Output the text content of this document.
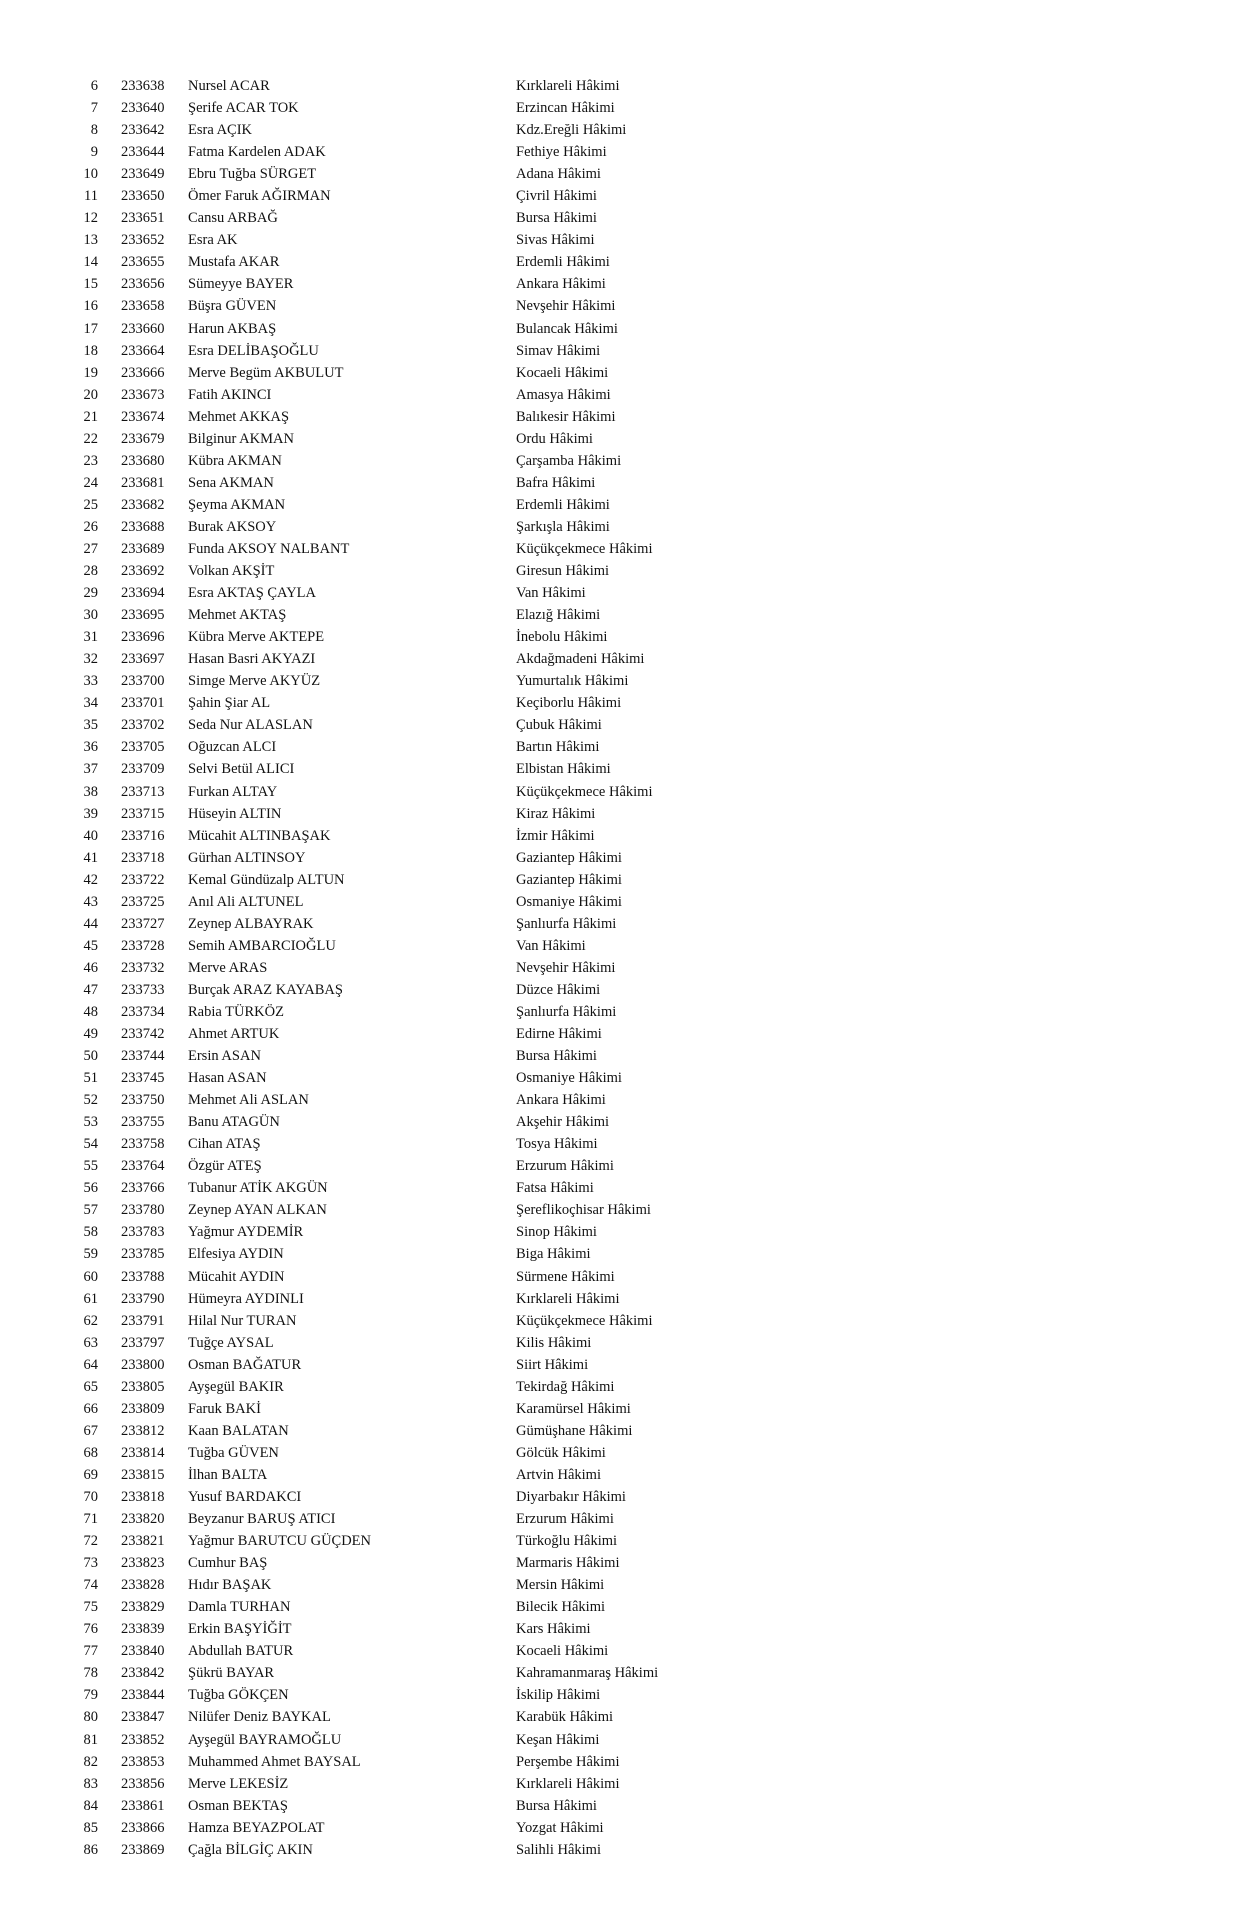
6 233638 Nursel ACAR	Kırklareli Hâkimi
7 233640 Şerife ACAR TOK	Erzincan Hâkimi
8 233642 Esra AÇIK	Kdz.Ereğli Hâkimi
9 233644 Fatma Kardelen ADAK	Fethiye Hâkimi
10 233649 Ebru Tuğba SÜRGET	Adana Hâkimi
11 233650 Ömer Faruk AĞIRMAN	Çivril Hâkimi
12 233651 Cansu ARBAĞ	Bursa Hâkimi
13 233652 Esra AK	Sivas Hâkimi
14 233655 Mustafa AKAR	Erdemli Hâkimi
15 233656 Sümeyye BAYER	Ankara Hâkimi
16 233658 Büşra GÜVEN	Nevşehir Hâkimi
17 233660 Harun AKBAŞ	Bulancak Hâkimi
18 233664 Esra DELİBAŞOĞLU	Simav Hâkimi
19 233666 Merve Begüm AKBULUT	Kocaeli Hâkimi
20 233673 Fatih AKINCI	Amasya Hâkimi
21 233674 Mehmet AKKAŞ	Balıkesir Hâkimi
22 233679 Bilginur AKMAN	Ordu Hâkimi
23 233680 Kübra AKMAN	Çarşamba Hâkimi
24 233681 Sena AKMAN	Bafra Hâkimi
25 233682 Şeyma AKMAN	Erdemli Hâkimi
26 233688 Burak AKSOY	Şarkışla Hâkimi
27 233689 Funda AKSOY NALBANT	Küçükçekmece Hâkimi
28 233692 Volkan AKŞİT	Giresun Hâkimi
29 233694 Esra AKTAŞ ÇAYLA	Van Hâkimi
30 233695 Mehmet AKTAŞ	Elazığ Hâkimi
31 233696 Kübra Merve AKTEPE	İnebolu Hâkimi
32 233697 Hasan Basri AKYAZI	Akdağmadeni Hâkimi
33 233700 Simge Merve AKYÜZ	Yumurtalık Hâkimi
34 233701 Şahin Şiar AL	Keçiborlu Hâkimi
35 233702 Seda Nur ALASLAN	Çubuk Hâkimi
36 233705 Oğuzcan ALCI	Bartın Hâkimi
37 233709 Selvi Betül ALICI	Elbistan Hâkimi
38 233713 Furkan ALTAY	Küçükçekmece Hâkimi
39 233715 Hüseyin ALTIN	Kiraz Hâkimi
40 233716 Mücahit ALTINBAŞAK	İzmir Hâkimi
41 233718 Gürhan ALTINSOY	Gaziantep Hâkimi
42 233722 Kemal Gündüzalp ALTUN	Gaziantep Hâkimi
43 233725 Anıl Ali ALTUNEL	Osmaniye Hâkimi
44 233727 Zeynep ALBAYRAK	Şanlıurfa Hâkimi
45 233728 Semih AMBARCIOĞLU	Van Hâkimi
46 233732 Merve ARAS	Nevşehir Hâkimi
47 233733 Burçak ARAZ KAYABAŞ	Düzce Hâkimi
48 233734 Rabia TÜRKÖZ	Şanlıurfa Hâkimi
49 233742 Ahmet ARTUK	Edirne Hâkimi
50 233744 Ersin ASAN	Bursa Hâkimi
51 233745 Hasan ASAN	Osmaniye Hâkimi
52 233750 Mehmet Ali ASLAN	Ankara Hâkimi
53 233755 Banu ATAGÜN	Akşehir Hâkimi
54 233758 Cihan ATAŞ	Tosya Hâkimi
55 233764 Özgür ATEŞ	Erzurum Hâkimi
56 233766 Tubanur ATİK AKGÜN	Fatsa Hâkimi
57 233780 Zeynep AYAN ALKAN	Şereflikoçhisar Hâkimi
58 233783 Yağmur AYDEMİR	Sinop Hâkimi
59 233785 Elfesiya AYDIN	Biga Hâkimi
60 233788 Mücahit AYDIN	Sürmene Hâkimi
61 233790 Hümeyra AYDINLI	Kırklareli Hâkimi
62 233791 Hilal Nur TURAN	Küçükçekmece Hâkimi
63 233797 Tuğçe AYSAL	Kilis Hâkimi
64 233800 Osman BAĞATUR	Siirt Hâkimi
65 233805 Ayşegül BAKIR	Tekirdağ Hâkimi
66 233809 Faruk BAKİ	Karamürsel Hâkimi
67 233812 Kaan BALATAN	Gümüşhane Hâkimi
68 233814 Tuğba GÜVEN	Gölcük Hâkimi
69 233815 İlhan BALTA	Artvin Hâkimi
70 233818 Yusuf BARDAKCI	Diyarbakır Hâkimi
71 233820 Beyzanur BARUŞ ATICI	Erzurum Hâkimi
72 233821 Yağmur BARUTCU GÜÇDEN	Türkoğlu Hâkimi
73 233823 Cumhur BAŞ	Marmaris Hâkimi
74 233828 Hıdır BAŞAK	Mersin Hâkimi
75 233829 Damla TURHAN	Bilecik Hâkimi
76 233839 Erkin BAŞYİĞİT	Kars Hâkimi
77 233840 Abdullah BATUR	Kocaeli Hâkimi
78 233842 Şükrü BAYAR	Kahramanmaraş Hâkimi
79 233844 Tuğba GÖKÇEN	İskilip Hâkimi
80 233847 Nilüfer Deniz BAYKAL	Karabük Hâkimi
81 233852 Ayşegül BAYRAMOĞLU	Keşan Hâkimi
82 233853 Muhammed Ahmet BAYSAL	Perşembe Hâkimi
83 233856 Merve LEKESİZ	Kırklareli Hâkimi
84 233861 Osman BEKTAŞ	Bursa Hâkimi
85 233866 Hamza BEYAZPOLAT	Yozgat Hâkimi
86 233869 Çağla BİLGİÇ AKIN	Salihli Hâkimi
